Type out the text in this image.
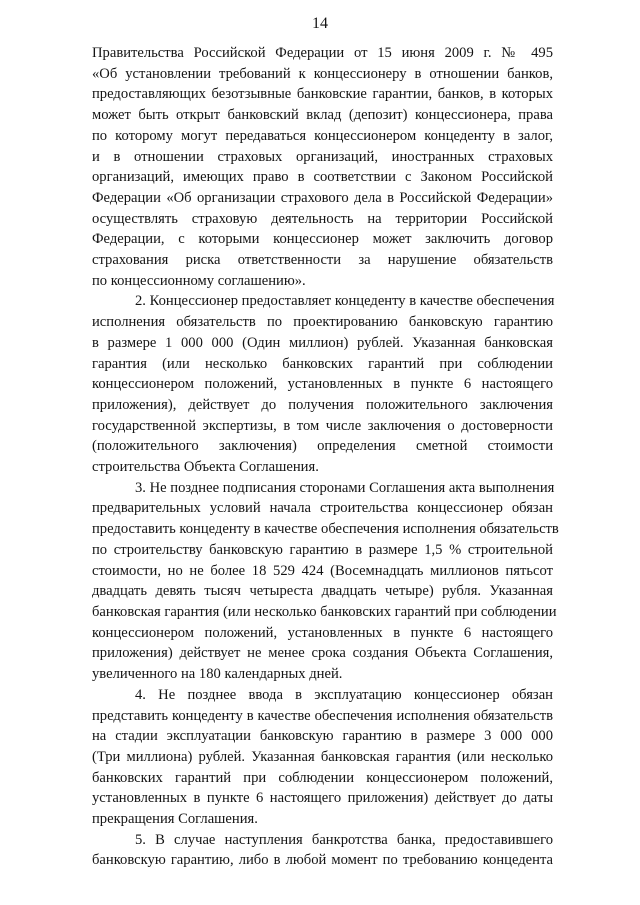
14

Правительства Российской Федерации от 15 июня 2009 г. № 495
«Об установлении требований к концессионеру в отношении банков,
предоставляющих безотзывные банковские гарантии, банков, в которых
может быть открыт банковский вклад (депозит) концессионера, права
по которому могут передаваться концессионером концеденту в залог,
и в отношении страховых организаций, иностранных страховых
организаций, имеющих право в соответствии с Законом Российской
Федерации «Об организации страхового дела в Российской Федерации»
осуществлять страховую деятельность на территории Российской
Федерации, с которыми концессионер может заключить договор
страхования риска ответственности за нарушение обязательств
по концессионному соглашению».

2. Концессионер предоставляет концеденту в качестве обеспечения
исполнения обязательств по проектированию банковскую гарантию
в размере 1 000 000 (Один миллион) рублей. Указанная банковская
гарантия (или несколько банковских гарантий при соблюдении
концессионером положений, установленных в пункте 6 настоящего
приложения), действует до получения положительного заключения
государственной экспертизы, в том числе заключения о достоверности
(положительного заключения) определения сметной стоимости
строительства Объекта Соглашения.

3. Не позднее подписания сторонами Соглашения акта выполнения
предварительных условий начала строительства концессионер обязан
предоставить концеденту в качестве обеспечения исполнения обязательств
по строительству банковскую гарантию в размере 1,5 % строительной
стоимости, но не более 18 529 424 (Восемнадцать миллионов пятьсот
двадцать девять тысяч четыреста двадцать четыре) рубля. Указанная
банковская гарантия (или несколько банковских гарантий при соблюдении
концессионером положений, установленных в пункте 6 настоящего
приложения) действует не менее срока создания Объекта Соглашения,
увеличенного на 180 календарных дней.

4. Не позднее ввода в эксплуатацию концессионер обязан
представить концеденту в качестве обеспечения исполнения обязательств
на стадии эксплуатации банковскую гарантию в размере 3 000 000
(Три миллиона) рублей. Указанная банковская гарантия (или несколько
банковских гарантий при соблюдении концессионером положений,
установленных в пункте 6 настоящего приложения) действует до даты
прекращения Соглашения.

5. В случае наступления банкротства банка, предоставившего
банковскую гарантию, либо в любой момент по требованию концедента
